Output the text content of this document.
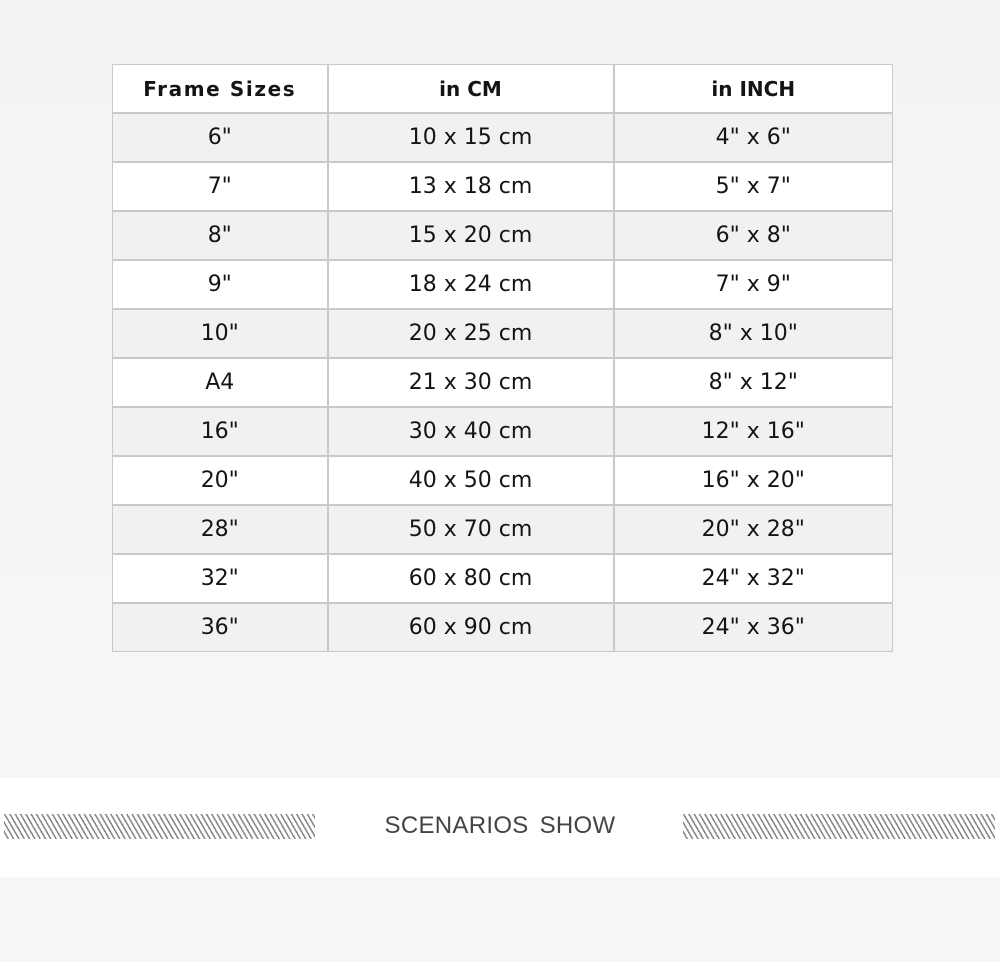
Frame Sizes	in CM	in INCH
6"	10 x 15 cm	4" x 6"
7"	13 x 18 cm	5" x 7"
8"	15 x 20 cm	6" x 8"
9"	18 x 24 cm	7" x 9"
10"	20 x 25 cm	8" x 10"
A4	21 x 30 cm	8" x 12"
16"	30 x 40 cm	12" x 16"
20"	40 x 50 cm	16" x 20"
28"	50 x 70 cm	20" x 28"
32"	60 x 80 cm	24" x 32"
36"	60 x 90 cm	24" x 36"
SCENARIOS SHOW
